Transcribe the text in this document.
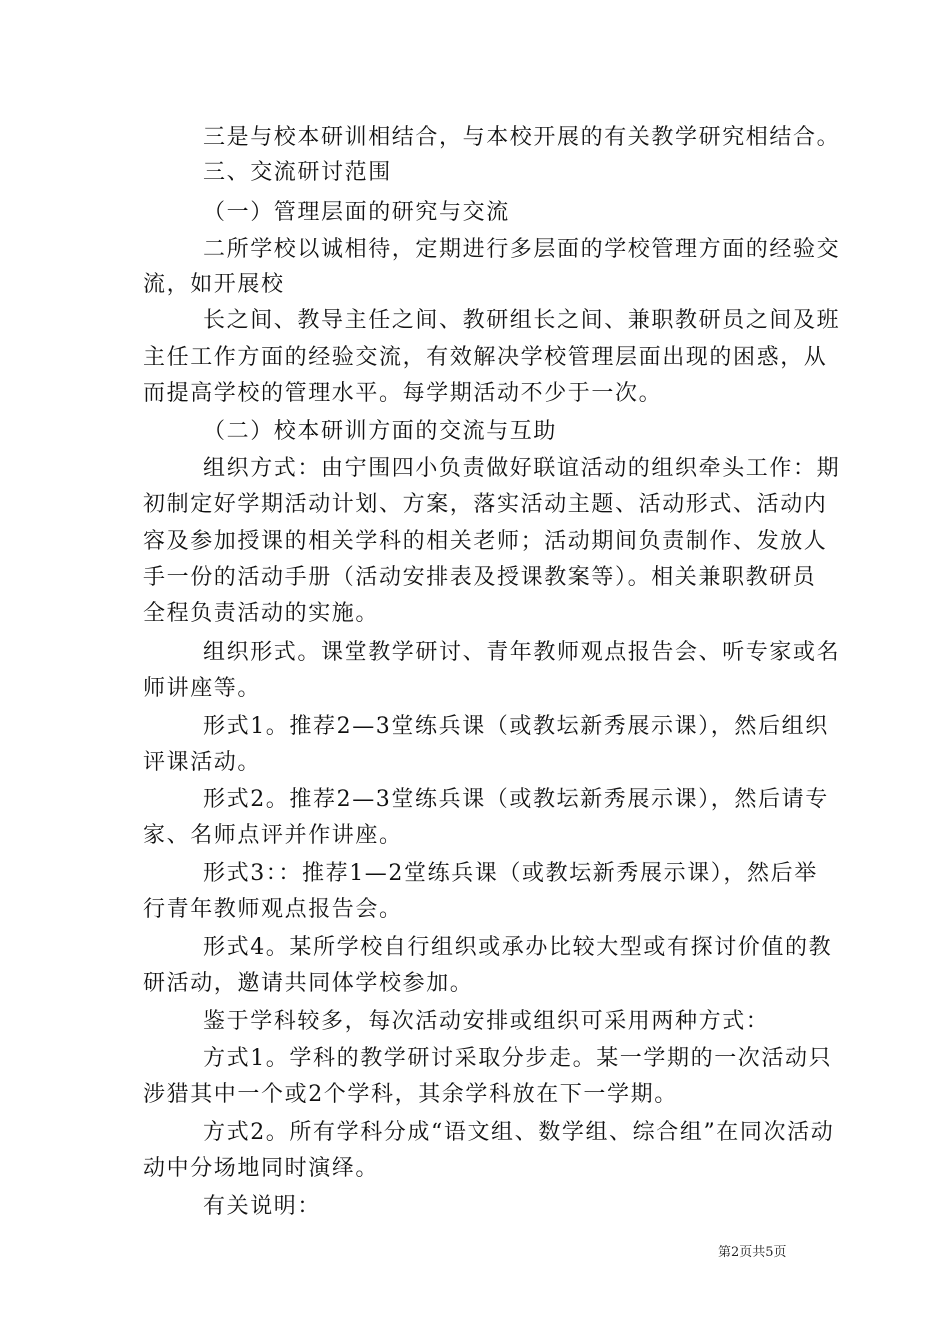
三是与校本研训相结合，与本校开展的有关教学研究相结合。
三、交流研讨范围
（一）管理层面的研究与交流
二所学校以诚相待，定期进行多层面的学校管理方面的经验交
流，如开展校
长之间、教导主任之间、教研组长之间、兼职教研员之间及班
主任工作方面的经验交流，有效解决学校管理层面出现的困惑，从
而提高学校的管理水平。每学期活动不少于一次。
（二）校本研训方面的交流与互助
组织方式：由宁围四小负责做好联谊活动的组织牵头工作：期
初制定好学期活动计划、方案，落实活动主题、活动形式、活动内
容及参加授课的相关学科的相关老师；活动期间负责制作、发放人
手一份的活动手册（活动安排表及授课教案等）。相关兼职教研员
全程负责活动的实施。
组织形式。课堂教学研讨、青年教师观点报告会、听专家或名
师讲座等。
形式1。推荐2—3堂练兵课（或教坛新秀展示课），然后组织
评课活动。
形式2。推荐2—3堂练兵课（或教坛新秀展示课），然后请专
家、名师点评并作讲座。
形式3：：推荐1—2堂练兵课（或教坛新秀展示课），然后举
行青年教师观点报告会。
形式4。某所学校自行组织或承办比较大型或有探讨价值的教
研活动，邀请共同体学校参加。
鉴于学科较多，每次活动安排或组织可采用两种方式：
方式1。学科的教学研讨采取分步走。某一学期的一次活动只
涉猎其中一个或2个学科，其余学科放在下一学期。
方式2。所有学科分成“语文组、数学组、综合组”在同次活动
动中分场地同时演绎。
有关说明：
第2页共5页
